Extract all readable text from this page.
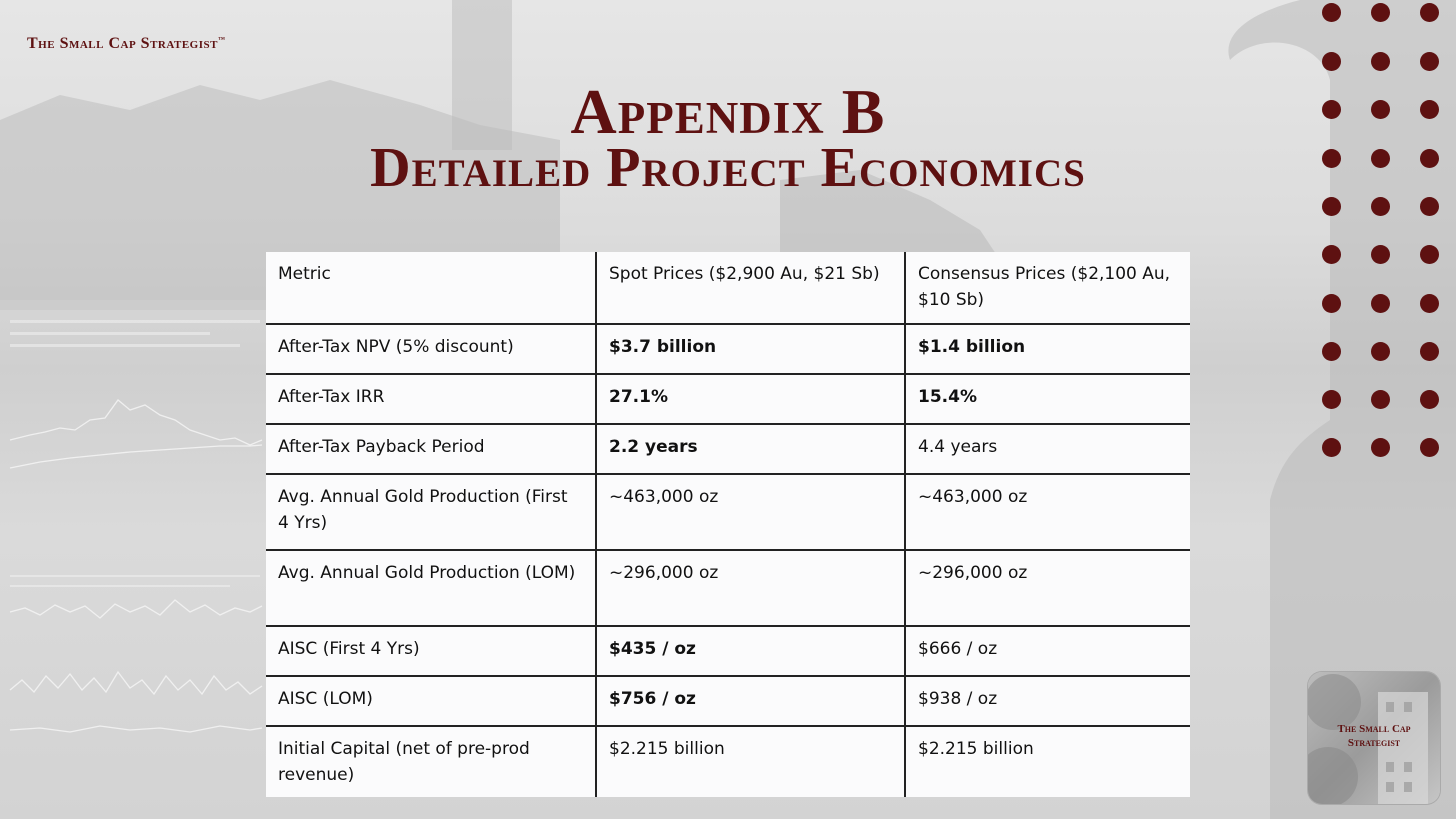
The Small Cap Strategist™
Appendix B
Detailed Project Economics
Metric	Spot Prices ($2,900 Au, $21 Sb)	Consensus Prices ($2,100 Au, $10 Sb)
After-Tax NPV (5% discount)	$3.7 billion	$1.4 billion
After-Tax IRR	27.1%	15.4%
After-Tax Payback Period	2.2 years	4.4 years
Avg. Annual Gold Production (First 4 Yrs)	~463,000 oz	~463,000 oz
Avg. Annual Gold Production (LOM)	~296,000 oz	~296,000 oz
AISC (First 4 Yrs)	$435 / oz	$666 / oz
AISC (LOM)	$756 / oz	$938 / oz
Initial Capital (net of pre-prod revenue)	$2.215 billion	$2.215 billion
The Small Cap
Strategist
